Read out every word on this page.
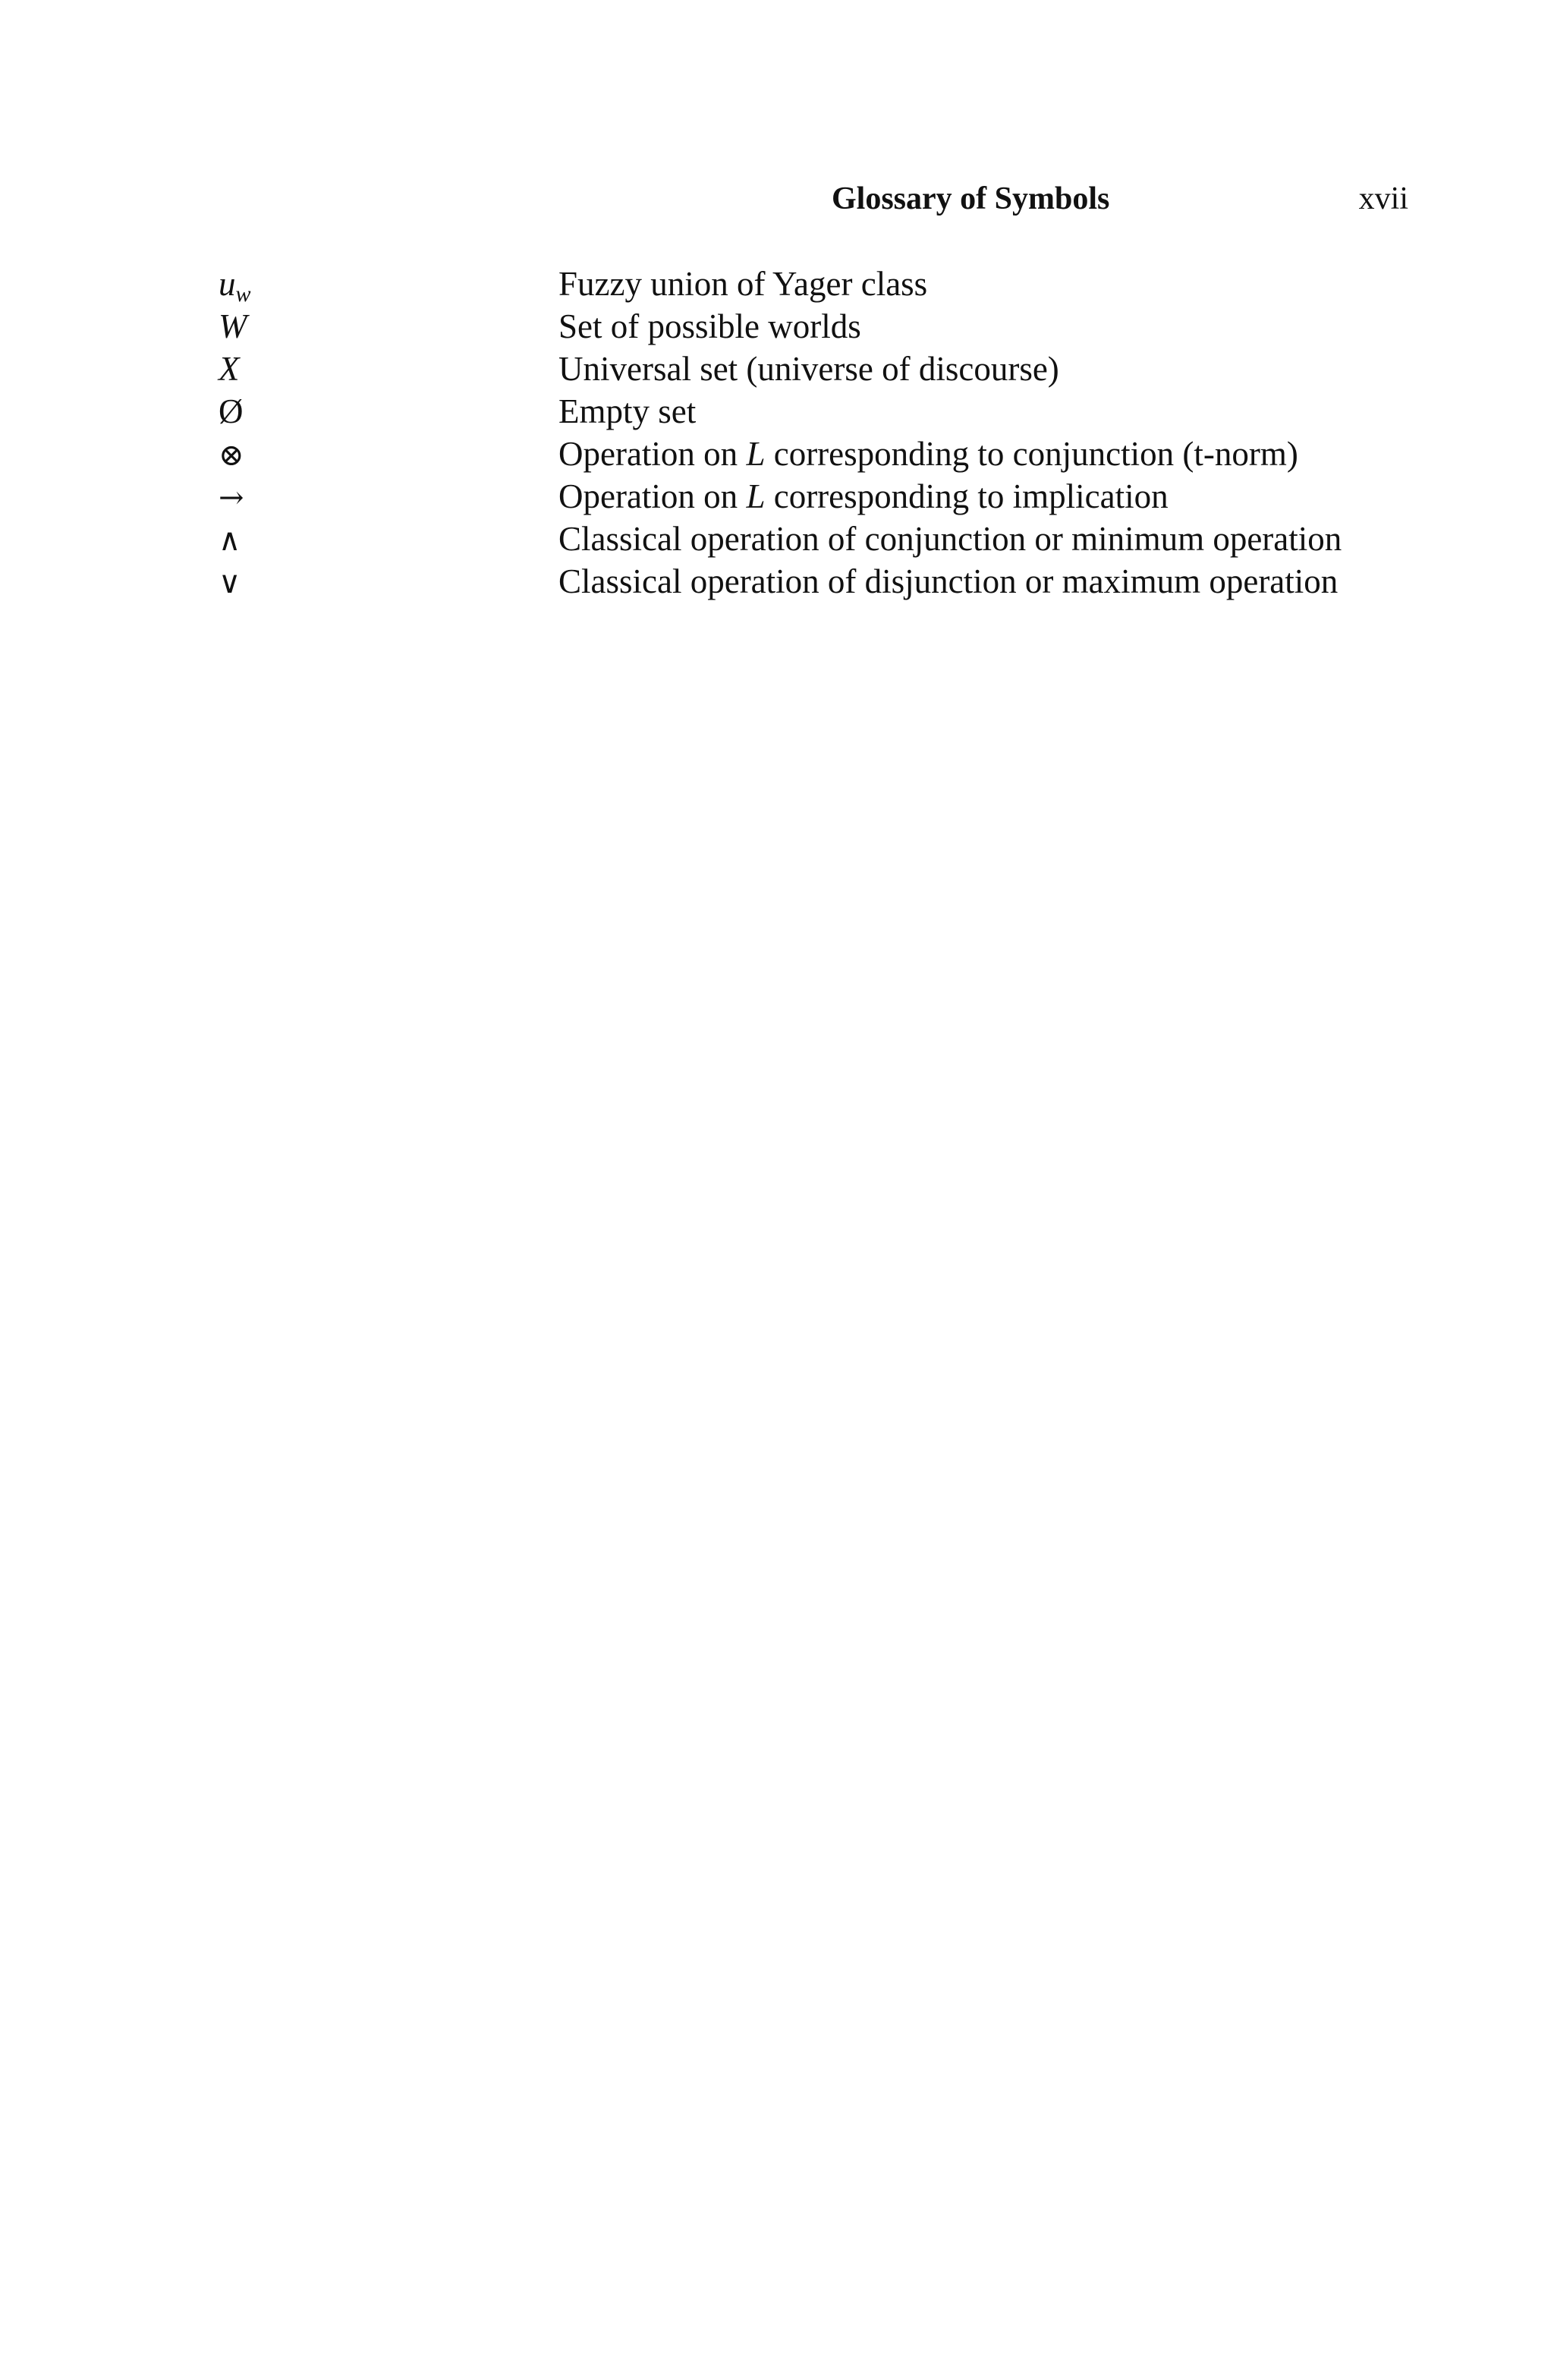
Glossary of Symbols	xvii
$u_w$	Fuzzy union of Yager class
W	Set of possible worlds
X	Universal set (universe of discourse)
Ø	Empty set
⊗	Operation on L corresponding to conjunction (t-norm)
→	Operation on L corresponding to implication
∧	Classical operation of conjunction or minimum operation
∨	Classical operation of disjunction or maximum operation
